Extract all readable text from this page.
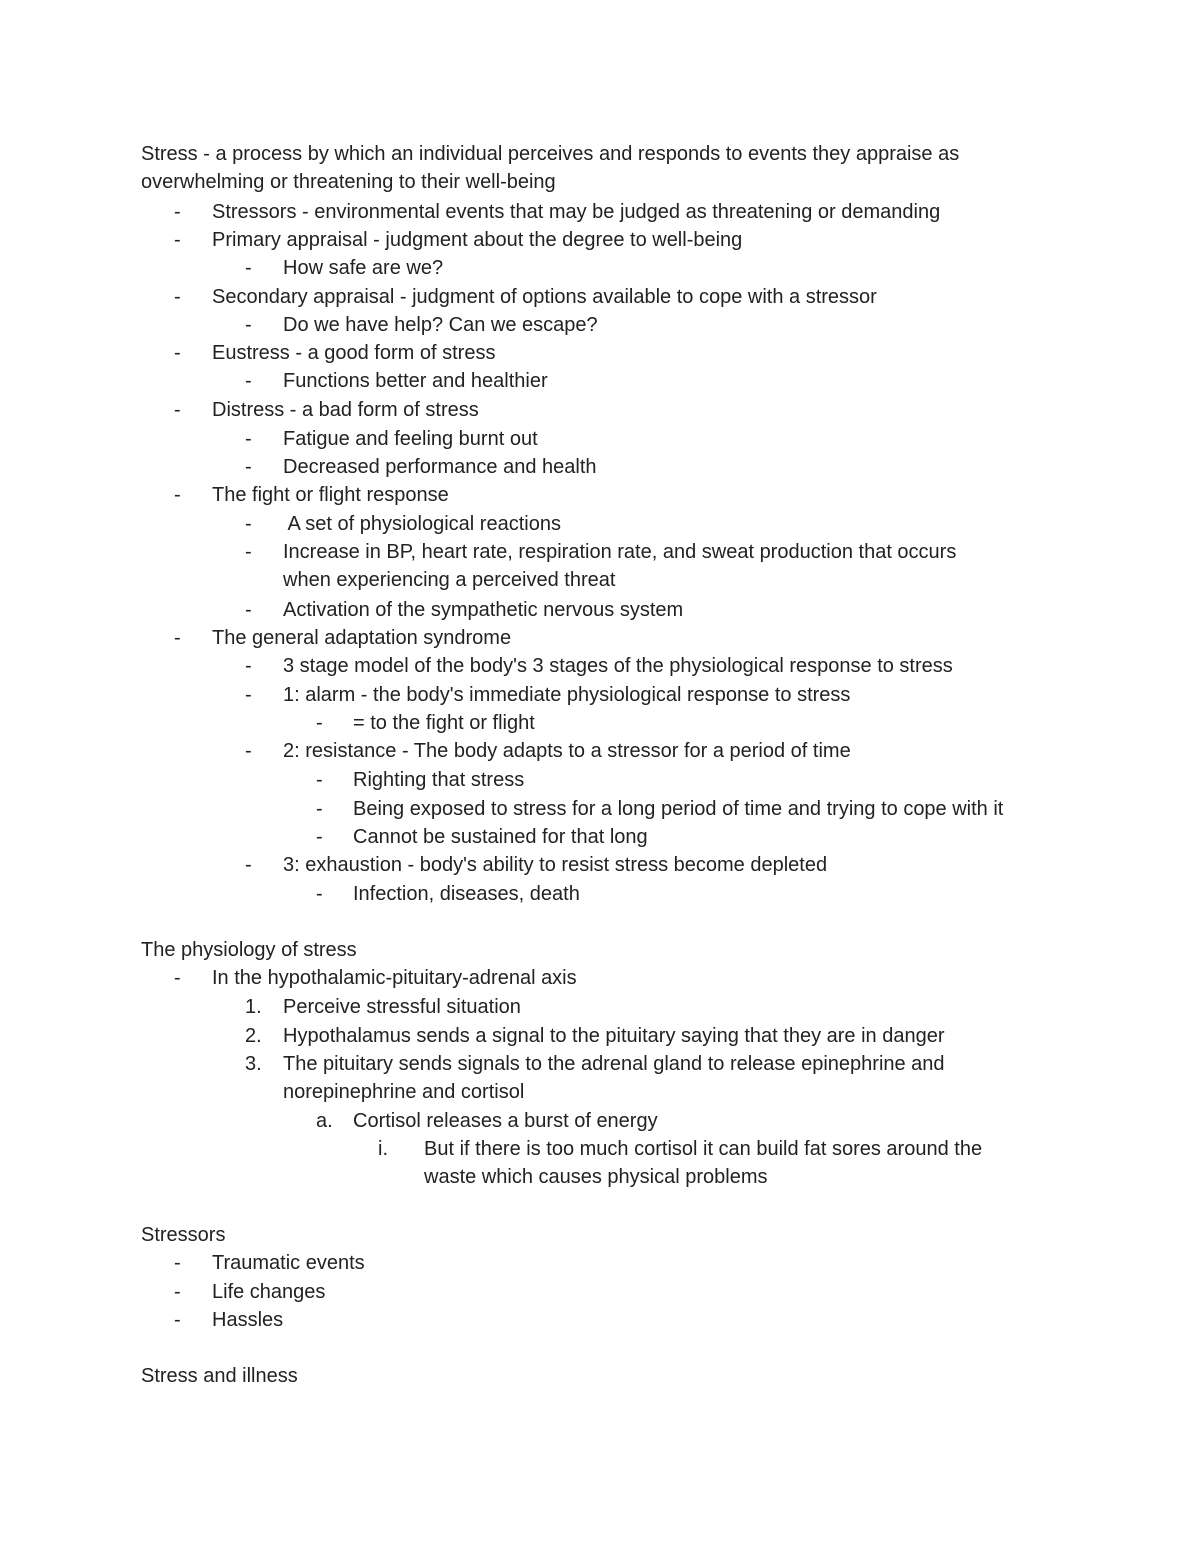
Stress - a process by which an individual perceives and responds to events they appraise as
overwhelming or threatening to their well-being
- Stressors - environmental events that may be judged as threatening or demanding
- Primary appraisal - judgment about the degree to well-being
- How safe are we?
- Secondary appraisal - judgment of options available to cope with a stressor
- Do we have help? Can we escape?
- Eustress - a good form of stress
- Functions better and healthier
- Distress - a bad form of stress
- Fatigue and feeling burnt out
- Decreased performance and health
- The fight or flight response
- A set of physiological reactions
- Increase in BP, heart rate, respiration rate, and sweat production that occurs
when experiencing a perceived threat
- Activation of the sympathetic nervous system
- The general adaptation syndrome
- 3 stage model of the body's 3 stages of the physiological response to stress
- 1: alarm - the body's immediate physiological response to stress
- = to the fight or flight
- 2: resistance - The body adapts to a stressor for a period of time
- Righting that stress
- Being exposed to stress for a long period of time and trying to cope with it
- Cannot be sustained for that long
- 3: exhaustion - body's ability to resist stress become depleted
- Infection, diseases, death
The physiology of stress
- In the hypothalamic-pituitary-adrenal axis
1. Perceive stressful situation
2. Hypothalamus sends a signal to the pituitary saying that they are in danger
3. The pituitary sends signals to the adrenal gland to release epinephrine and
norepinephrine and cortisol
a. Cortisol releases a burst of energy
i. But if there is too much cortisol it can build fat sores around the
waste which causes physical problems
Stressors
- Traumatic events
- Life changes
- Hassles
Stress and illness
